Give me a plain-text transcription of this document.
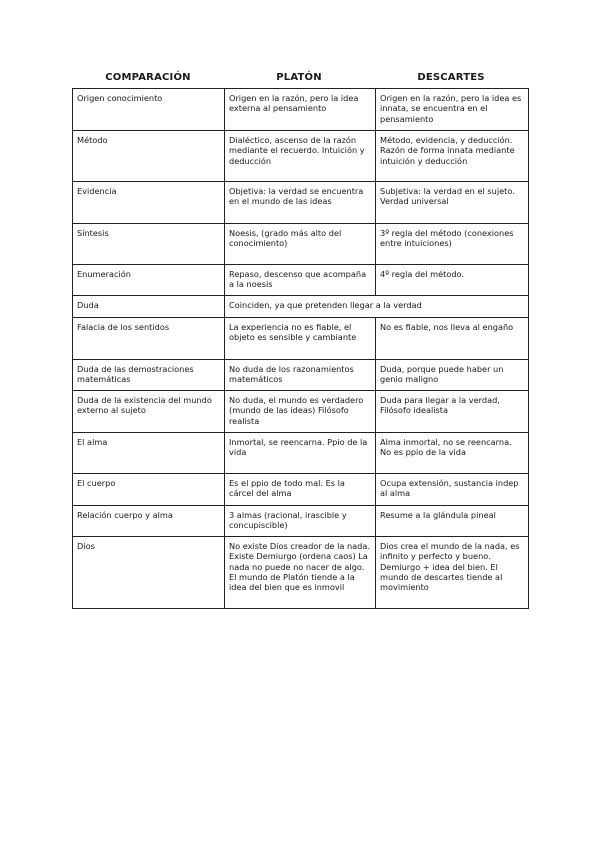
COMPARACIÓN	PLATÓN	DESCARTES
Origen conocimiento	Origen en la razón, pero la idea externa al pensamiento	Origen en la razón, pero la idea es innata, se encuentra en el pensamiento
Método	Dialéctico, ascenso de la razón mediante el recuerdo. Intuición y deducción	Método, evidencia, y deducción. Razón de forma innata mediante intuición y deducción
Evidencia	Objetiva: la verdad se encuentra en el mundo de las ideas	Subjetiva: la verdad en el sujeto. Verdad universal
Síntesis	Noesis, (grado más alto del conocimiento)	3º regla del método (conexiones entre intuiciones)
Enumeración	Repaso, descenso que acompaña a la noesis	4º regla del método.
Duda	Coinciden, ya que pretenden llegar a la verdad	
Falacia de los sentidos	La experiencia no es fiable, el objeto es sensible y cambiante	No es fiable, nos lleva al engaño
Duda de las demostraciones matemáticas	No duda de los razonamientos matemáticos	Duda, porque puede haber un genio maligno
Duda de la existencia del mundo externo al sujeto	No duda, el mundo es verdadero (mundo de las ideas) Filósofo realista	Duda para llegar a la verdad, Filósofo idealista
El alma	Inmortal, se reencarna. Ppio de la vida	Alma inmortal, no se reencarna. No es ppio de la vida
El cuerpo	Es el ppio de todo mal. Es la cárcel del alma	Ocupa extensión, sustancia indep al alma
Relación cuerpo y alma	3 almas (racional, irascible y concupiscible)	Resume a la glándula pineal
Dios	No existe Dios creador de la nada. Existe Demiurgo (ordena caos) La nada no puede no nacer de algo. El mundo de Platón tiende a la idea del bien que es inmovil	Dios crea el mundo de la nada, es infinito y perfecto y bueno. Demiurgo + idea del bien. El mundo de descartes tiende al movimiento
